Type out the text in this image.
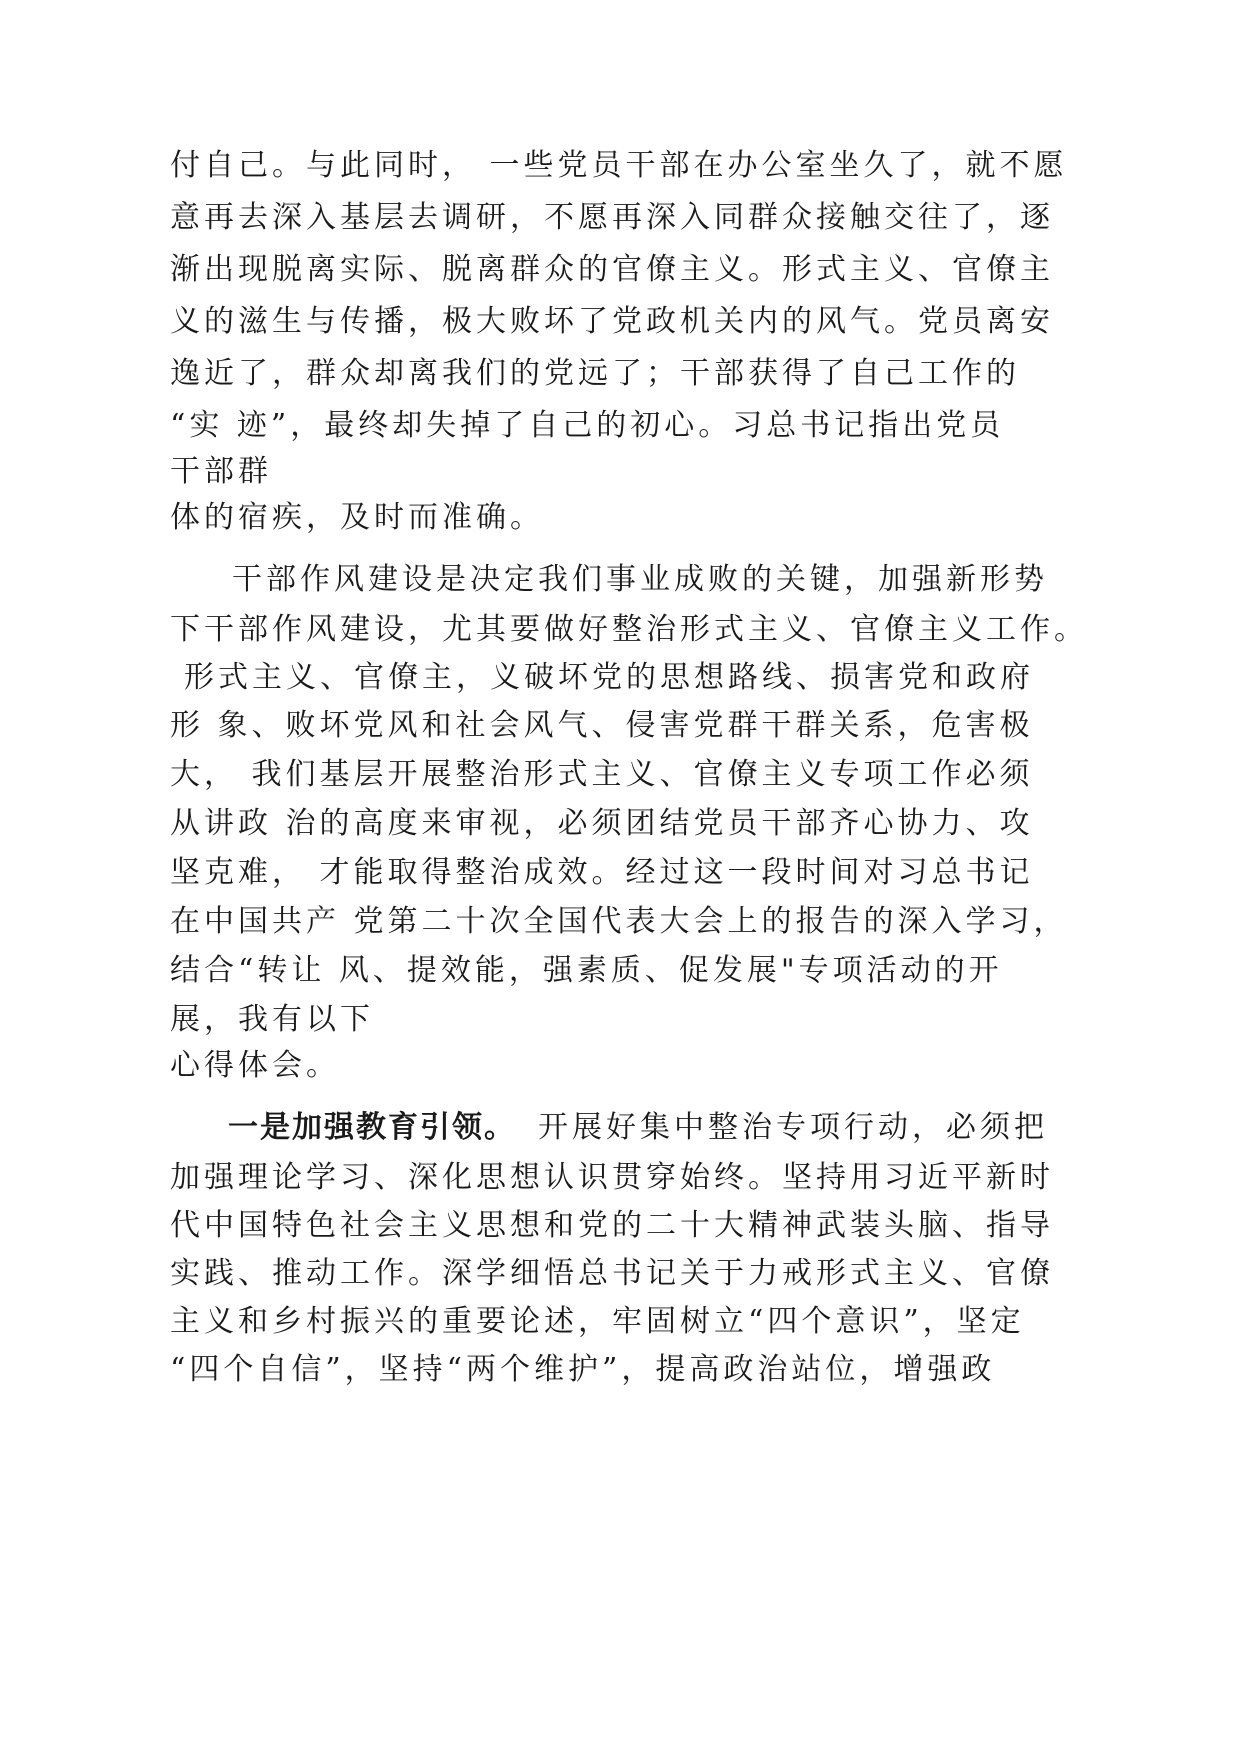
付自己。与此同时， 一些党员干部在办公室坐久了，就不愿
意再去深入基层去调研，不愿再深入同群众接触交往了，逐
渐出现脱离实际、脱离群众的官僚主义。形式主义、官僚主
义的滋生与传播，极大败坏了党政机关内的风气。党员离安
逸近了，群众却离我们的党远了；干部获得了自己工作的
“实 迹”，最终却失掉了自己的初心。习总书记指出党员
干部群
体的宿疾，及时而准确。
干部作风建设是决定我们事业成败的关键，加强新形势
下干部作风建设，尤其要做好整治形式主义、官僚主义工作。
形式主义、官僚主，义破坏党的思想路线、损害党和政府
形 象、败坏党风和社会风气、侵害党群干群关系，危害极
大， 我们基层开展整治形式主义、官僚主义专项工作必须
从讲政 治的高度来审视，必须团结党员干部齐心协力、攻
坚克难， 才能取得整治成效。经过这一段时间对习总书记
在中国共产 党第二十次全国代表大会上的报告的深入学习，
结合“转让 风、提效能，强素质、促发展"专项活动的开
展，我有以下
心得体会。
一是加强教育引领。 开展好集中整治专项行动，必须把
加强理论学习、深化思想认识贯穿始终。坚持用习近平新时
代中国特色社会主义思想和党的二十大精神武装头脑、指导
实践、推动工作。深学细悟总书记关于力戒形式主义、官僚
主义和乡村振兴的重要论述，牢固树立“四个意识”，坚定
“四个自信”，坚持“两个维护”，提高政治站位，增强政
